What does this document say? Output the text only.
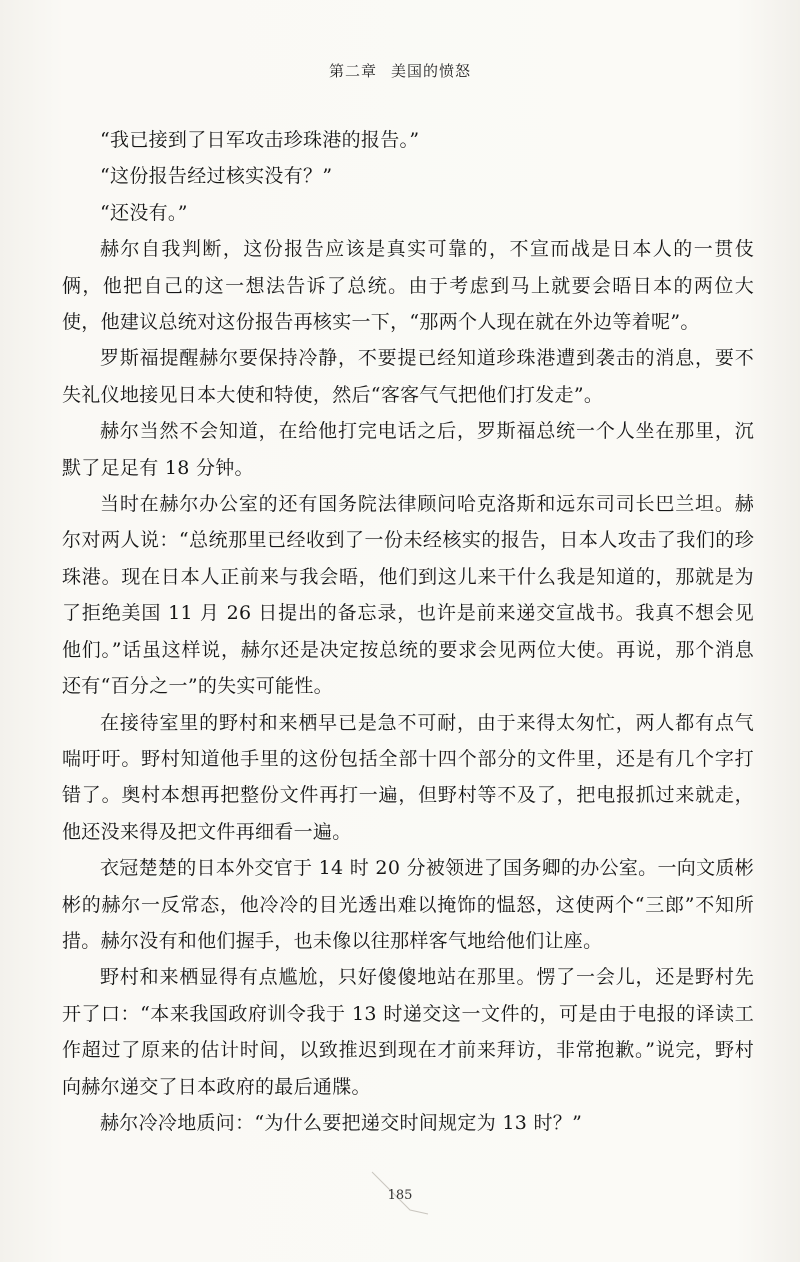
第二章 美国的愤怒

“我已接到了日军攻击珍珠港的报告。”

“这份报告经过核实没有？”

“还没有。”

赫尔自我判断，这份报告应该是真实可靠的，不宣而战是日本人的一贯伎俩，他把自己的这一想法告诉了总统。由于考虑到马上就要会晤日本的两位大使，他建议总统对这份报告再核实一下，“那两个人现在就在外边等着呢”。

罗斯福提醒赫尔要保持冷静，不要提已经知道珍珠港遭到袭击的消息，要不失礼仪地接见日本大使和特使，然后“客客气气把他们打发走”。

赫尔当然不会知道，在给他打完电话之后，罗斯福总统一个人坐在那里，沉默了足足有 18 分钟。

当时在赫尔办公室的还有国务院法律顾问哈克洛斯和远东司司长巴兰坦。赫尔对两人说：“总统那里已经收到了一份未经核实的报告，日本人攻击了我们的珍珠港。现在日本人正前来与我会晤，他们到这儿来干什么我是知道的，那就是为了拒绝美国 11 月 26 日提出的备忘录，也许是前来递交宣战书。我真不想会见他们。”话虽这样说，赫尔还是决定按总统的要求会见两位大使。再说，那个消息还有“百分之一”的失实可能性。

在接待室里的野村和来栖早已是急不可耐，由于来得太匆忙，两人都有点气喘吁吁。野村知道他手里的这份包括全部十四个部分的文件里，还是有几个字打错了。奥村本想再把整份文件再打一遍，但野村等不及了，把电报抓过来就走，他还没来得及把文件再细看一遍。

衣冠楚楚的日本外交官于 14 时 20 分被领进了国务卿的办公室。一向文质彬彬的赫尔一反常态，他冷冷的目光透出难以掩饰的愠怒，这使两个“三郎”不知所措。赫尔没有和他们握手，也未像以往那样客气地给他们让座。

野村和来栖显得有点尴尬，只好傻傻地站在那里。愣了一会儿，还是野村先开了口：“本来我国政府训令我于 13 时递交这一文件的，可是由于电报的译读工作超过了原来的估计时间，以致推迟到现在才前来拜访，非常抱歉。”说完，野村向赫尔递交了日本政府的最后通牒。

赫尔冷冷地质问：“为什么要把递交时间规定为 13 时？”

185
